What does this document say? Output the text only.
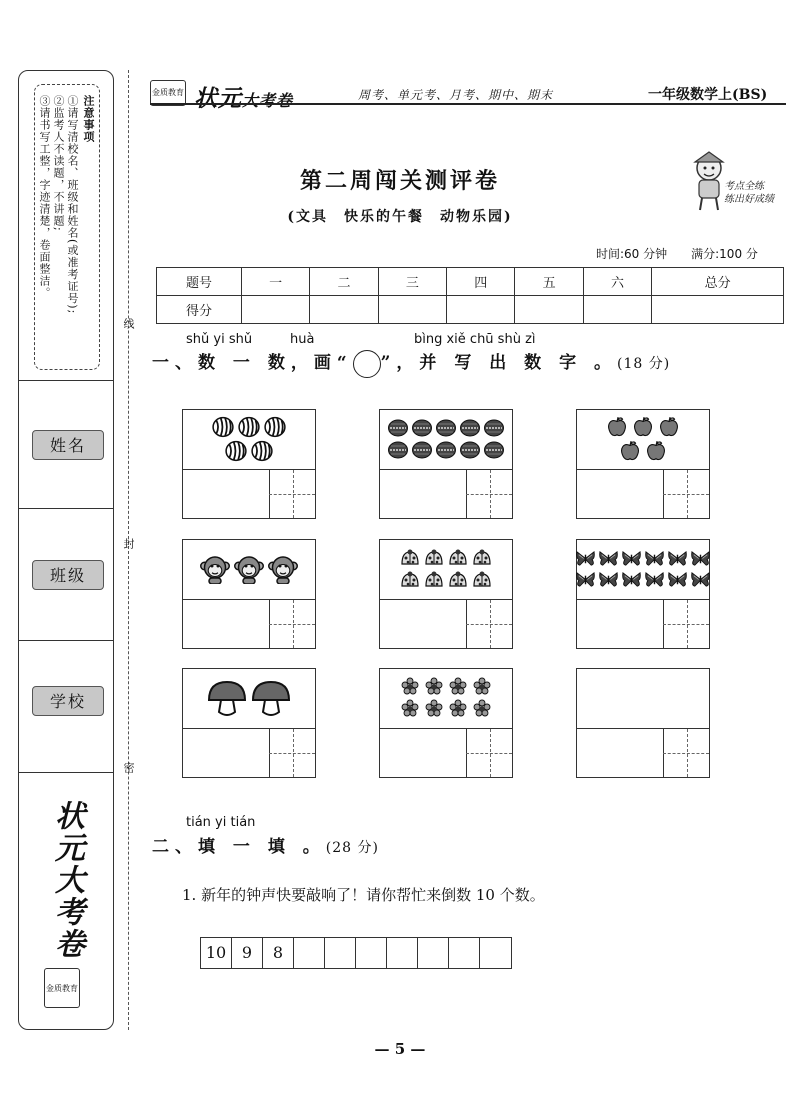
注意事项
①请写清校名、班级和姓名(或准考证号);
②监考人不读题，不讲题;
③请书写工整，字迹清楚，卷面整洁。
姓名
班级
学校
状元大考卷
金质教育
线
封
密
金质教育 状元大考卷	周考、单元考、月考、期中、期末	一年级数学上(BS)
第二周闯关测评卷
(文具　快乐的午餐　动物乐园)
考点全练
练出好成绩
时间:60 分钟　　满分:100 分
题号	一	二	三	四	五	六	总分
得分							
shǔ yi shǔ	huà	bìng xiě chū shù zì
一、数 一 数，画“ ”，并 写 出 数 字 。(18 分)
tián yi tián
二、填 一 填 。(28 分)
1. 新年的钟声快要敲响了！请你帮忙来倒数 10 个数。
10 9	8
— 5 —
